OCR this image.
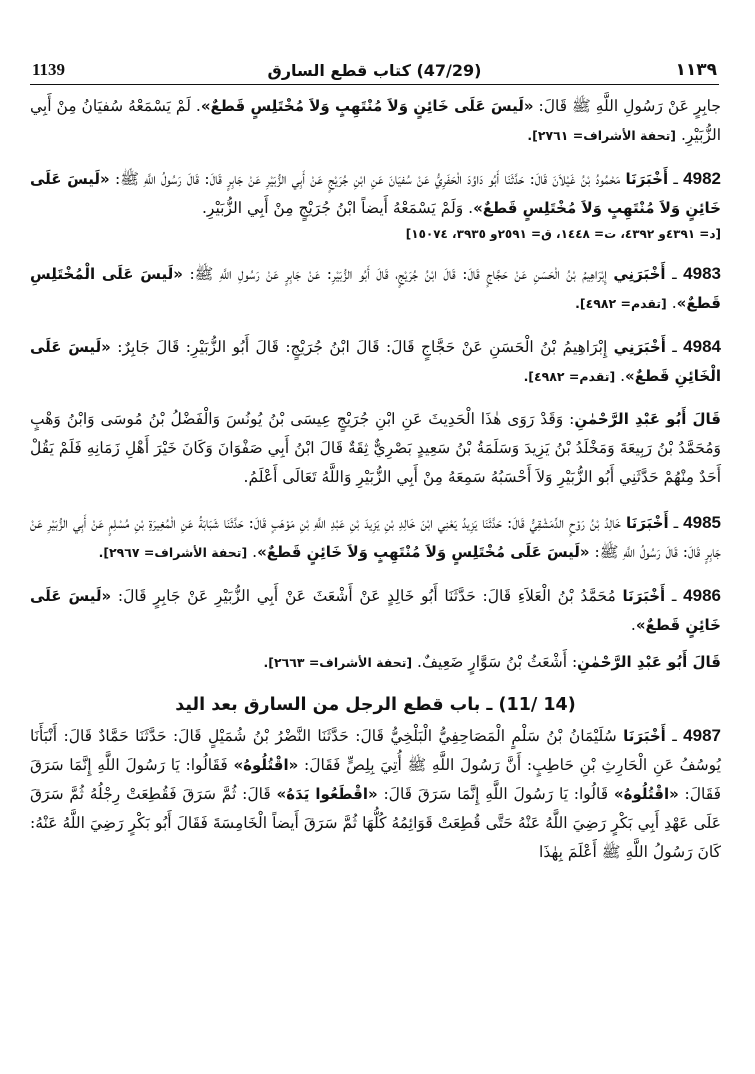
1139	(47/29) كتاب قطع السارق	١١٣٩

جابِرٍ عَنْ رَسُولِ اللَّهِ ﷺ قَالَ: «لَيسَ عَلَى خَائِنٍ وَلاَ مُنْتَهِبٍ وَلاَ مُخْتَلِسٍ قَطعٌ». لَمْ يَسْمَعْهُ سُفيَانُ مِنْ أَبِي الزُّبَيْرِ. [تحفة الأشراف= ٢٧٦١].

4982 ـ أَخْبَرَنَا مَحْمُودُ بْنُ غَيْلاَنَ قَالَ: حَدَّثَنَا أَبُو دَاوُدَ الْحَفَرِيُّ عَنْ سُفيَانَ عَنِ ابْنِ جُرَيْجٍ عَنْ أَبِي الزُّبَيْرِ عَنْ جَابِرٍ قَالَ: قَالَ رَسُولُ اللَّهِ ﷺ: «لَيسَ عَلَى خَائِنٍ وَلاَ مُنْتَهِبٍ وَلاَ مُخْتَلِسٍ قَطعٌ». وَلَمْ يَسْمَعْهُ أَيضاً ابْنُ جُرَيْجٍ مِنْ أَبِي الزُّبَيْرِ.

[د= ٤٣٩١و ٤٣٩٢، ت= ١٤٤٨، ق= ٢٥٩١و ٣٩٣٥، ١٥٠٧٤]

4983 ـ أَخْبَرَنِي إِبْرَاهِيمُ بْنُ الْحَسَنِ عَنْ حَجَّاجٍ قَالَ: قَالَ ابْنُ جُرَيْجٍ، قَالَ أَبُو الزُّبَيْرِ: عَنْ جَابِرٍ عَنْ رَسُولِ اللَّهِ ﷺ: «لَيسَ عَلَى الْمُخْتَلِسِ قَطعٌ». [تقدم= ٤٩٨٢].

4984 ـ أَخْبَرَنِي إِبْرَاهِيمُ بْنُ الْحَسَنِ عَنْ حَجَّاجٍ قَالَ: قَالَ ابْنُ جُرَيْجٍ: قَالَ أَبُو الزُّبَيْرِ: قَالَ جَابِرٌ: «لَيسَ عَلَى الْخَائِنِ قَطعٌ». [تقدم= ٤٩٨٢].

قَالَ أَبُو عَبْدِ الرَّحْمٰنِ: وَقَدْ رَوَى هٰذَا الْحَدِيثَ عَنِ ابْنِ جُرَيْجٍ عِيسَى بْنُ يُونُسَ وَالْفَضْلُ بْنُ مُوسَى وَابْنُ وَهْبٍ وَمُحَمَّدُ بْنُ رَبِيعَةَ وَمَخْلَدُ بْنُ يَزِيدَ وَسَلَمَةُ بْنُ سَعِيدٍ بَصْرِيٌّ ثِقَةٌ قَالَ ابْنُ أَبِي صَفْوَانَ وَكَانَ خَيْرَ أَهْلِ زَمَانِهِ فَلَمْ يَقُلْ أَحَدٌ مِنْهُمْ حَدَّثَنِي أَبُو الزُّبَيْرِ وَلاَ أَحْسَبُهُ سَمِعَهُ مِنْ أَبِي الزُّبَيْرِ وَاللَّهُ تَعَالَى أَعْلَمُ.

4985 ـ أَخْبَرَنَا خَالِدُ بْنُ رَوْحٍ الدِّمَشْقِيُّ قَالَ: حَدَّثَنَا يَزِيدُ يَعْنِي ابْنَ خَالِدِ بْنِ يَزِيدَ بْنِ عَبْدِ اللَّهِ بْنِ مَوْهَبٍ قَالَ: حَدَّثَنَا شَبَابَةُ عَنِ الْمُغِيرَةِ بْنِ مُسْلِمٍ عَنْ أَبِي الزُّبَيْرِ عَنْ جَابِرٍ قَالَ: قَالَ رَسُولُ اللَّهِ ﷺ: «لَيسَ عَلَى مُخْتَلِسٍ وَلاَ مُنْتَهِبٍ وَلاَ خَائِنٍ قَطعٌ». [تحفة الأشراف= ٢٩٦٧].

4986 ـ أَخْبَرَنَا مُحَمَّدُ بْنُ الْعَلاَءِ قَالَ: حَدَّثَنَا أَبُو خَالِدٍ عَنْ أَشْعَثَ عَنْ أَبِي الزُّبَيْرِ عَنْ جَابِرٍ قَالَ: «لَيسَ عَلَى خَائِنٍ قَطعٌ».

قَالَ أَبُو عَبْدِ الرَّحْمٰنِ: أَشْعَثُ بْنُ سَوَّارٍ ضَعِيفٌ. [تحفة الأشراف= ٢٦٦٣].

(11/ 14) ـ باب قطع الرجل من السارق بعد اليد

4987 ـ أَخْبَرَنَا سُلَيْمَانُ بْنُ سَلْمٍ الْمَصَاحِفِيُّ الْبَلْخِيُّ قَالَ: حَدَّثَنَا النَّضْرُ بْنُ شُمَيْلٍ قَالَ: حَدَّثَنَا حَمَّادٌ قَالَ: أَنْبَأَنَا يُوسُفُ عَنِ الْحَارِثِ بْنِ حَاطِبٍ: أَنَّ رَسُولَ اللَّهِ ﷺ أُتِيَ بِلِصٍّ فَقَالَ: «اقْتُلُوهُ» فَقَالُوا: يَا رَسُولَ اللَّهِ إِنَّمَا سَرَقَ فَقَالَ: «اقْتُلُوهُ» قَالُوا: يَا رَسُولَ اللَّهِ إِنَّمَا سَرَقَ قَالَ: «اقْطَعُوا يَدَهُ» قَالَ: ثُمَّ سَرَقَ فَقُطِعَتْ رِجْلُهُ ثُمَّ سَرَقَ عَلَى عَهْدِ أَبِي بَكْرٍ رَضِيَ اللَّهُ عَنْهُ حَتَّى قُطِعَتْ قَوَائِمُهُ كُلُّهَا ثُمَّ سَرَقَ أَيضاً الْخَامِسَةَ فَقَالَ أَبُو بَكْرٍ رَضِيَ اللَّهُ عَنْهُ: كَانَ رَسُولُ اللَّهِ ﷺ أَعْلَمَ بِهٰذَا
